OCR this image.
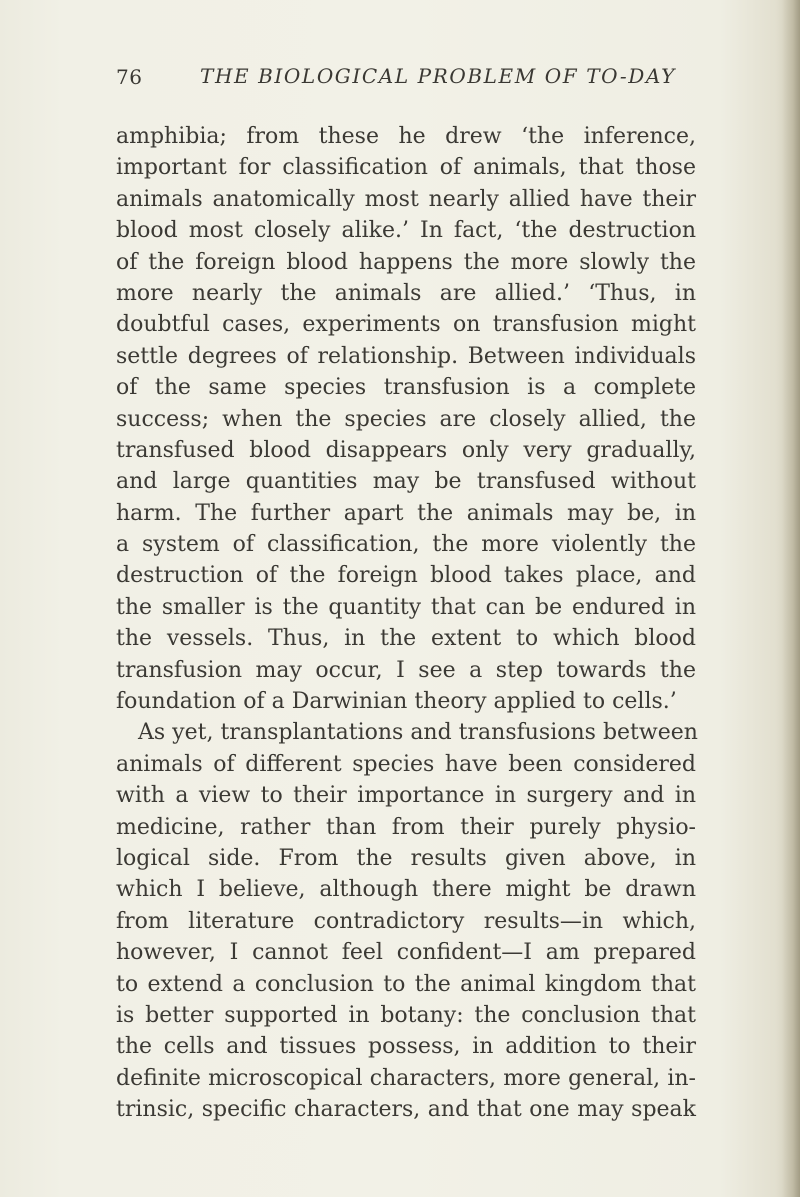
76	THE BIOLOGICAL PROBLEM OF TO-DAY
amphibia; from these he drew ‘the inference,
important for classification of animals, that those
animals anatomically most nearly allied have their
blood most closely alike.’ In fact, ‘the destruction
of the foreign blood happens the more slowly the
more nearly the animals are allied.’ ‘Thus, in
doubtful cases, experiments on transfusion might
settle degrees of relationship. Between individuals
of the same species transfusion is a complete
success; when the species are closely allied, the
transfused blood disappears only very gradually,
and large quantities may be transfused without
harm. The further apart the animals may be, in
a system of classification, the more violently the
destruction of the foreign blood takes place, and
the smaller is the quantity that can be endured in
the vessels. Thus, in the extent to which blood
transfusion may occur, I see a step towards the
foundation of a Darwinian theory applied to cells.’
As yet, transplantations and transfusions between
animals of different species have been considered
with a view to their importance in surgery and in
medicine, rather than from their purely physio-
logical side. From the results given above, in
which I believe, although there might be drawn
from literature contradictory results—in which,
however, I cannot feel confident—I am prepared
to extend a conclusion to the animal kingdom that
is better supported in botany: the conclusion that
the cells and tissues possess, in addition to their
definite microscopical characters, more general, in-
trinsic, specific characters, and that one may speak
